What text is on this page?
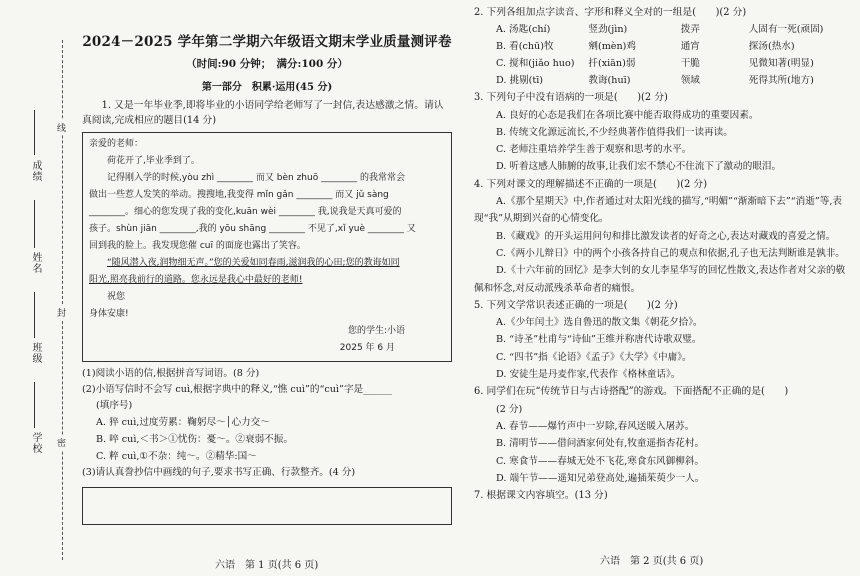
成绩
姓名
班级
学校
线
封
密
2024－2025 学年第二学期六年级语文期末学业质量测评卷
（时间:90 分钟；　满分:100 分）
第一部分　积累·运用(45 分)

1. 又是一年毕业季,即将毕业的小语同学给老师写了一封信,表达感激之情。请认真阅读,完成相应的题目(14 分)

亲爱的老师：

荷花开了,毕业季到了。

记得刚入学的时候,yòu zhì ________ 而又 bèn zhuō ________ 的我常常会

做出一些惹人发笑的举动。搜搜地,我变得 mǐn gǎn ________ 而又 jǔ sàng

________。细心的您发现了我的变化,kuān wèi ________ 我,说我是天真可爱的

孩子。shùn jiān ________,我的 yōu shāng ________ 不见了,xǐ yuè ________ 又

回到我的脸上。我发现您催 cuī 的面庞也露出了笑容。

“随风潜入夜,润物细无声。”您的关爱如同春雨,滋润我的心田;您的教诲如同

阳光,照亮我前行的道路。您永远是我心中最好的老师!

祝您

身体安康!

您的学生:小语

2025 年 6 月

(1)阅读小语的信,根据拼音写词语。(8 分)

(2)小语写信时不会写 cuì,根据字典中的释义,“憔 cuì”的“cuì”字是______

(填序号)

A. 猝 cuì,过度劳累：鞠躬尽～│心力交～

B. 啐 cuì,＜书＞①忧伤：憂～。②衰弱不振。

C. 粹 cuì,①不杂：纯～。②精华:国～

(3)请认真誊抄信中画线的句子,要求书写正确、行款整齐。(4 分)

六语　第 1 页(共 6 页)

2. 下列各组加点字读音、字形和释义全对的一组是(　　)(2 分)

A. 汤匙(chí)	竖劲(jìn)	拨弄	人固有一死(顽固)
B. 看(chū)牧	剜(mèn)鸡	通宵	探汤(热水)
C. 搅和(jiǎo huo)	扦(xiān)弱	干脆	见微知著(明显)
D. 挑剔(tī)	教诲(huī)	领域	死得其所(地方)

3. 下列句子中没有语病的一项是(　　)(2 分)

A. 良好的心态是我们在各项比赛中能否取得成功的重要因素。

B. 传统文化源远流长,不少经典著作值得我们一读再读。

C. 老师注重培养学生善于观察和思考的水平。

D. 听着这感人肺腑的故事,让我们宏不禁心不住流下了激动的眼泪。

4. 下列对课文的理解描述不正确的一项是(　　)(2 分)

A.《那个星期天》中,作者通过对太阳光线的描写,“明媚”“渐渐暗下去”“消逝”等,表现“我”从期到兴奋的心情变化。

B.《藏戏》的开头运用问句和排比激发读者的好奇之心,表达对藏戏的喜爱之情。

C.《两小儿辩日》中的两个小孩各持自己的观点和依据,孔子也无法判断谁是孰非。

D.《十六年前的回忆》是李大钊的女儿李星华写的回忆性散文,表达作者对父亲的敬佩和怀念,对反动派残杀革命者的痛恨。

5. 下列文学常识表述正确的一项是(　　)(2 分)

A.《少年闰土》选自鲁迅的散文集《朝花夕拾》。

B. “诗圣”杜甫与“诗仙”王维并称唐代诗歌双璧。

C. “四书”指《论语》《孟子》《大学》《中庸》。

D. 安徒生是丹麦作家,代表作《格林童话》。

6. 同学们在玩“传统节日与古诗搭配”的游戏。下面搭配不正确的是(　　)

(2 分)

A. 春节——爆竹声中一岁除,春风送暖入屠苏。

B. 清明节——借问酒家何处有,牧童遥指杏花村。

C. 寒食节——春城无处不飞花,寒食东风御柳斜。

D. 端午节——遥知兄弟登高处,遍插茱萸少一人。

7. 根据课文内容填空。(13 分)

六语　第 2 页(共 6 页)
